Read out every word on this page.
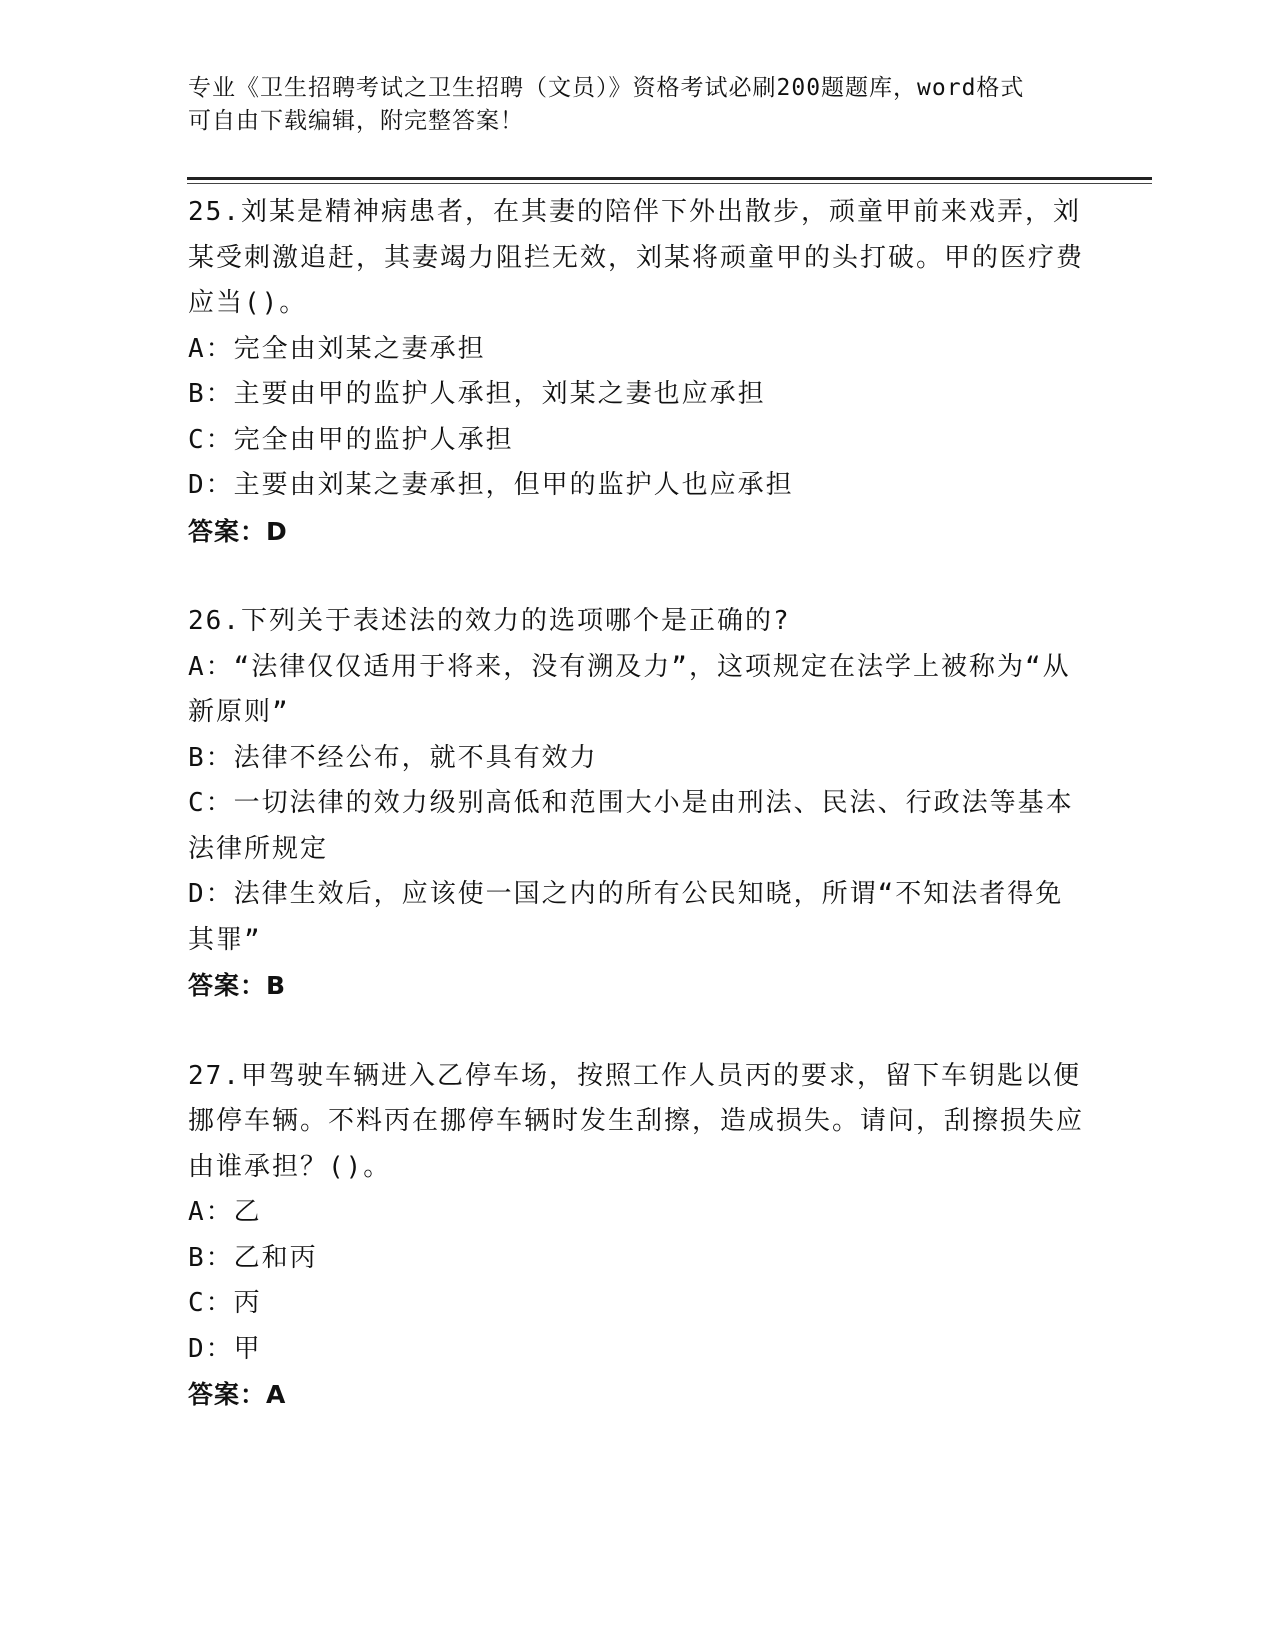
专业《卫生招聘考试之卫生招聘（文员）》资格考试必刷200题题库，word格式
可自由下载编辑，附完整答案！

25.刘某是精神病患者，在其妻的陪伴下外出散步，顽童甲前来戏弄，刘某受刺激追赶，其妻竭力阻拦无效，刘某将顽童甲的头打破。甲的医疗费应当()。

A：完全由刘某之妻承担

B：主要由甲的监护人承担，刘某之妻也应承担

C：完全由甲的监护人承担

D：主要由刘某之妻承担，但甲的监护人也应承担

答案：D

26.下列关于表述法的效力的选项哪个是正确的?

A：“法律仅仅适用于将来，没有溯及力”，这项规定在法学上被称为“从新原则”

B：法律不经公布，就不具有效力

C：一切法律的效力级别高低和范围大小是由刑法、民法、行政法等基本法律所规定

D：法律生效后，应该使一国之内的所有公民知晓，所谓“不知法者得免其罪”

答案：B

27.甲驾驶车辆进入乙停车场，按照工作人员丙的要求，留下车钥匙以便挪停车辆。不料丙在挪停车辆时发生刮擦，造成损失。请问，刮擦损失应由谁承担？()。

A：乙

B：乙和丙

C：丙

D：甲

答案：A
